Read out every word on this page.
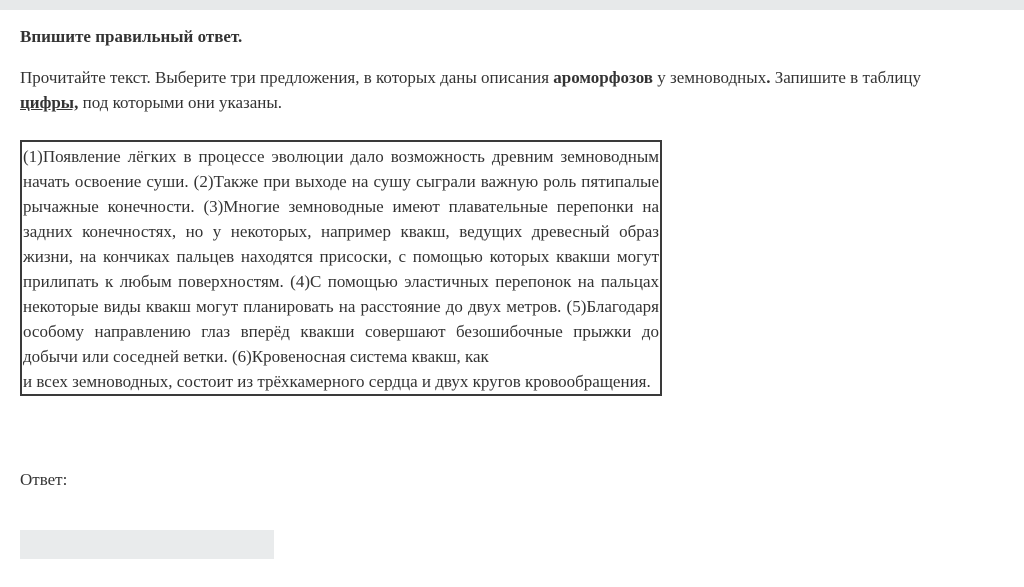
Впишите правильный ответ.
Прочитайте текст. Выберите три предложения, в которых даны описания ароморфозов у земноводных. Запишите в таблицу
цифры, под которыми они указаны.

(1)Появление лёгких в процессе эволюции дало возможность древним земноводным начать освоение суши. (2)Также при выходе на сушу сыграли важную роль пятипалые рычажные конечности. (3)Многие земноводные имеют плавательные перепонки на задних конечностях, но у некоторых, например квакш, ведущих древесный образ жизни, на кончиках пальцев находятся присоски, с помощью которых квакши могут прилипать к любым поверхностям. (4)С помощью эластичных перепонок на пальцах некоторые виды квакш могут планировать на расстояние до двух метров. (5)Благодаря особому направлению глаз вперёд квакши совершают безошибочные прыжки до добычи или соседней ветки. (6)Кровеносная система квакш, как

и всех земноводных, состоит из трёхкамерного сердца и двух кругов кровообращения.

Ответ:
